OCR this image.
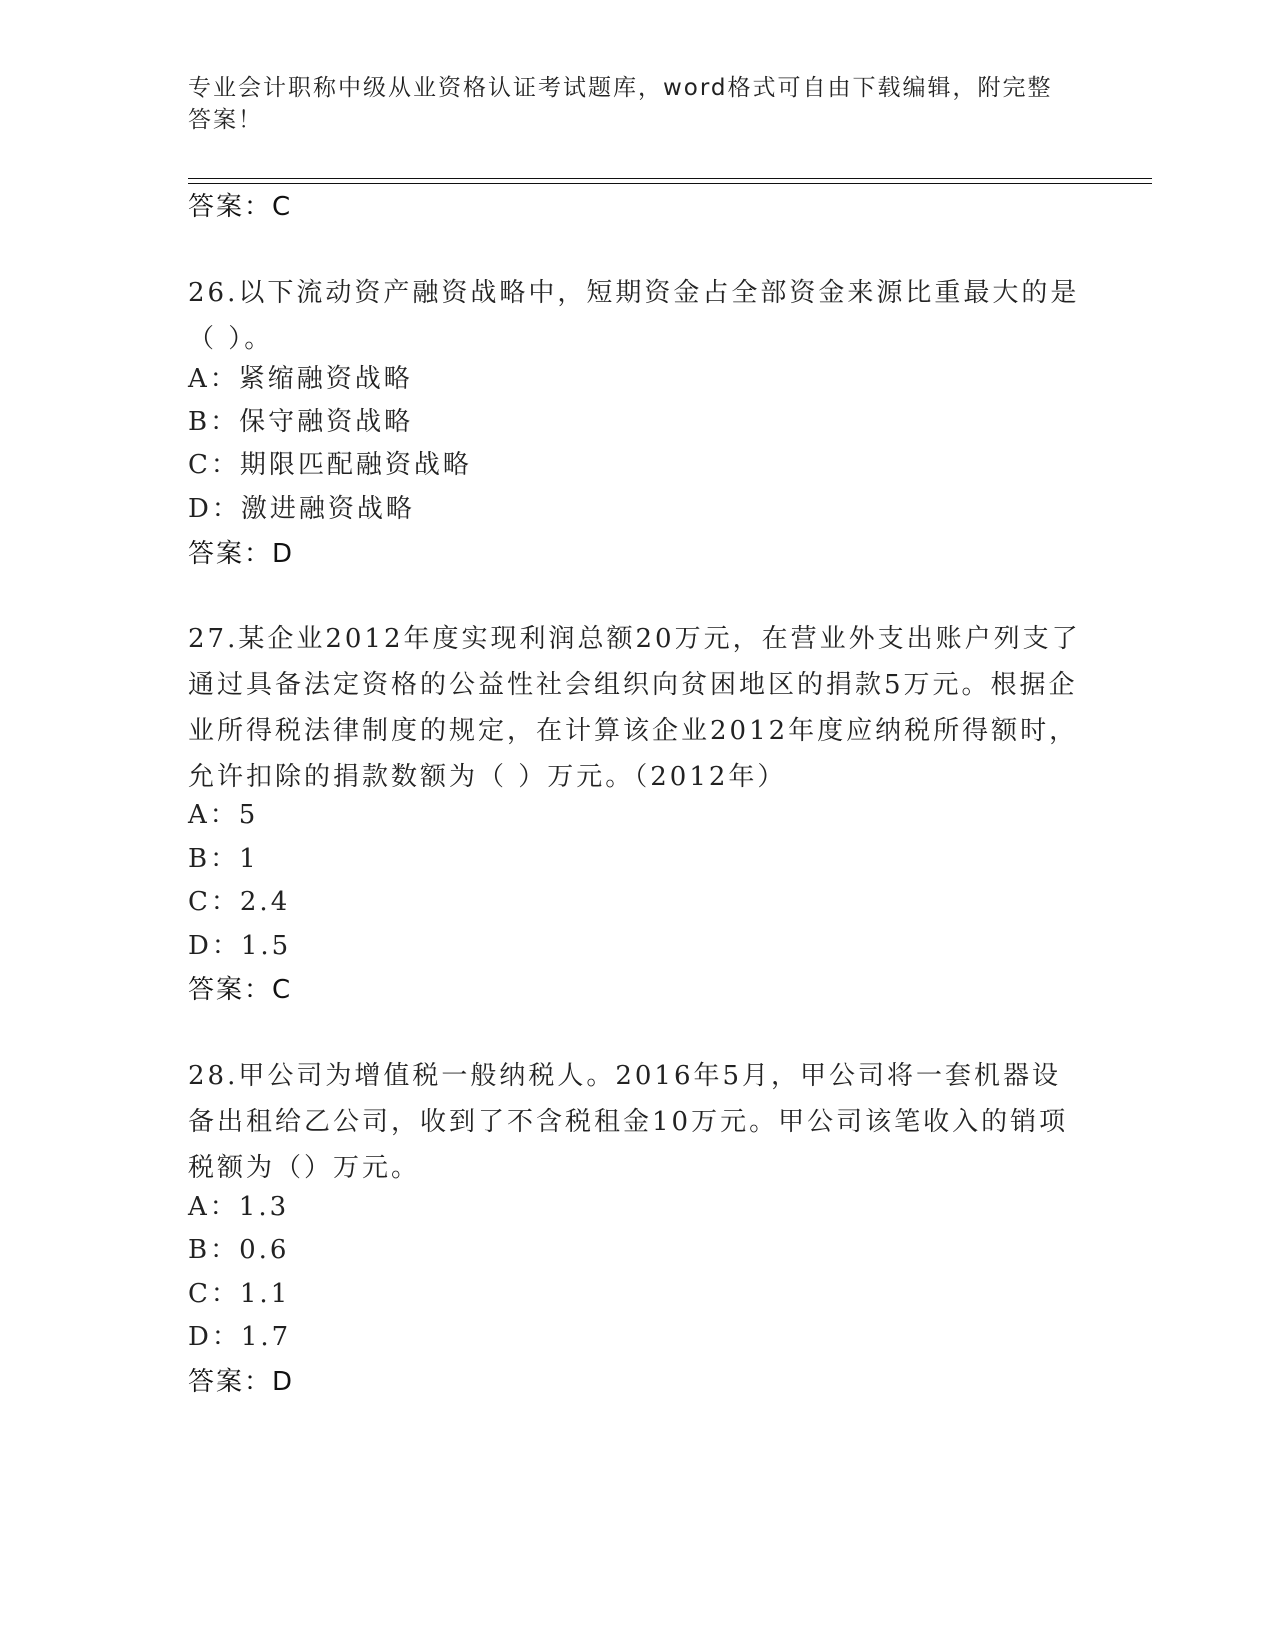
专业会计职称中级从业资格认证考试题库，word格式可自由下载编辑，附完整答案！
答案：C
26.以下流动资产融资战略中，短期资金占全部资金来源比重最大的是（ ）。
A：紧缩融资战略
B：保守融资战略
C：期限匹配融资战略
D：激进融资战略
答案：D
27.某企业2012年度实现利润总额20万元，在营业外支出账户列支了通过具备法定资格的公益性社会组织向贫困地区的捐款5万元。根据企业所得税法律制度的规定，在计算该企业2012年度应纳税所得额时，允许扣除的捐款数额为（ ）万元。（2012年）
A：5
B：1
C：2.4
D：1.5
答案：C
28.甲公司为增值税一般纳税人。2016年5月，甲公司将一套机器设备出租给乙公司，收到了不含税租金10万元。甲公司该笔收入的销项税额为（）万元。
A：1.3
B：0.6
C：1.1
D：1.7
答案：D
